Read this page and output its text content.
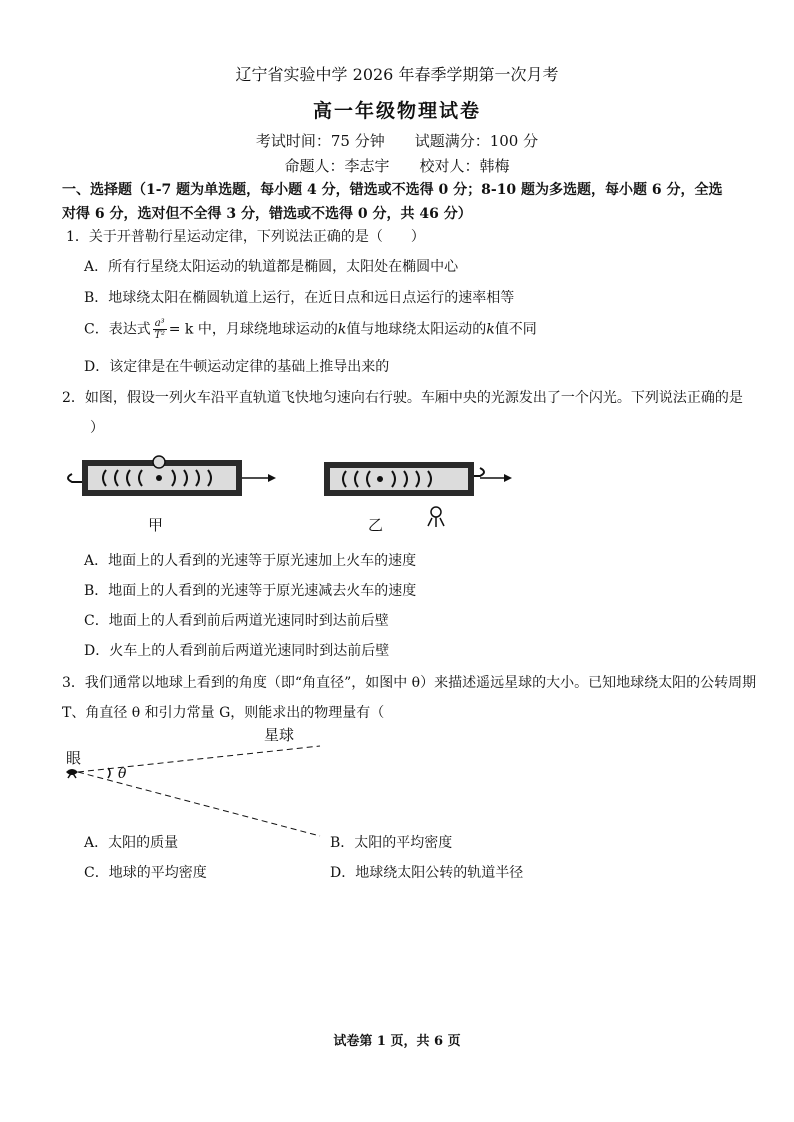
辽宁省实验中学 2026 年春季学期第一次月考
高一年级物理试卷
考试时间：75 分钟　　试题满分：100 分
命题人：李志宇　　校对人：韩梅
一、选择题（1-7 题为单选题，每小题 4 分，错选或不选得 0 分；8-10 题为多选题，每小题 6 分，全选对得 6 分，选对但不全得 3 分，错选或不选得 0 分，共 46 分）
1．关于开普勒行星运动定律，下列说法正确的是（　　）
A．所有行星绕太阳运动的轨道都是椭圆，太阳处在椭圆中心
B．地球绕太阳在椭圆轨道上运行，在近日点和远日点运行的速率相等
C．表达式 $\frac{\text{a³}}{\text{T²}} = k$ 中，月球绕地球运动的k值与地球绕太阳运动的k值不同
D．该定律是在牛顿运动定律的基础上推导出来的
2．如图，假设一列火车沿平直轨道飞快地匀速向右行驶。车厢中央的光源发出了一个闪光。下列说法正确的是
）
甲	乙
A．地面上的人看到的光速等于原光速加上火车的速度
B．地面上的人看到的光速等于原光速减去火车的速度
C．地面上的人看到前后两道光速同时到达前后壁
D．火车上的人看到前后两道光速同时到达前后壁
3．我们通常以地球上看到的角度（即“角直径”，如图中 θ）来描述遥远星球的大小。已知地球绕太阳的公转周期
T、角直径 θ 和引力常量 G，则能求出的物理量有（
星球
眼
θ
A．太阳的质量	B．太阳的平均密度
C．地球的平均密度	D．地球绕太阳公转的轨道半径
试卷第 1 页，共 6 页
